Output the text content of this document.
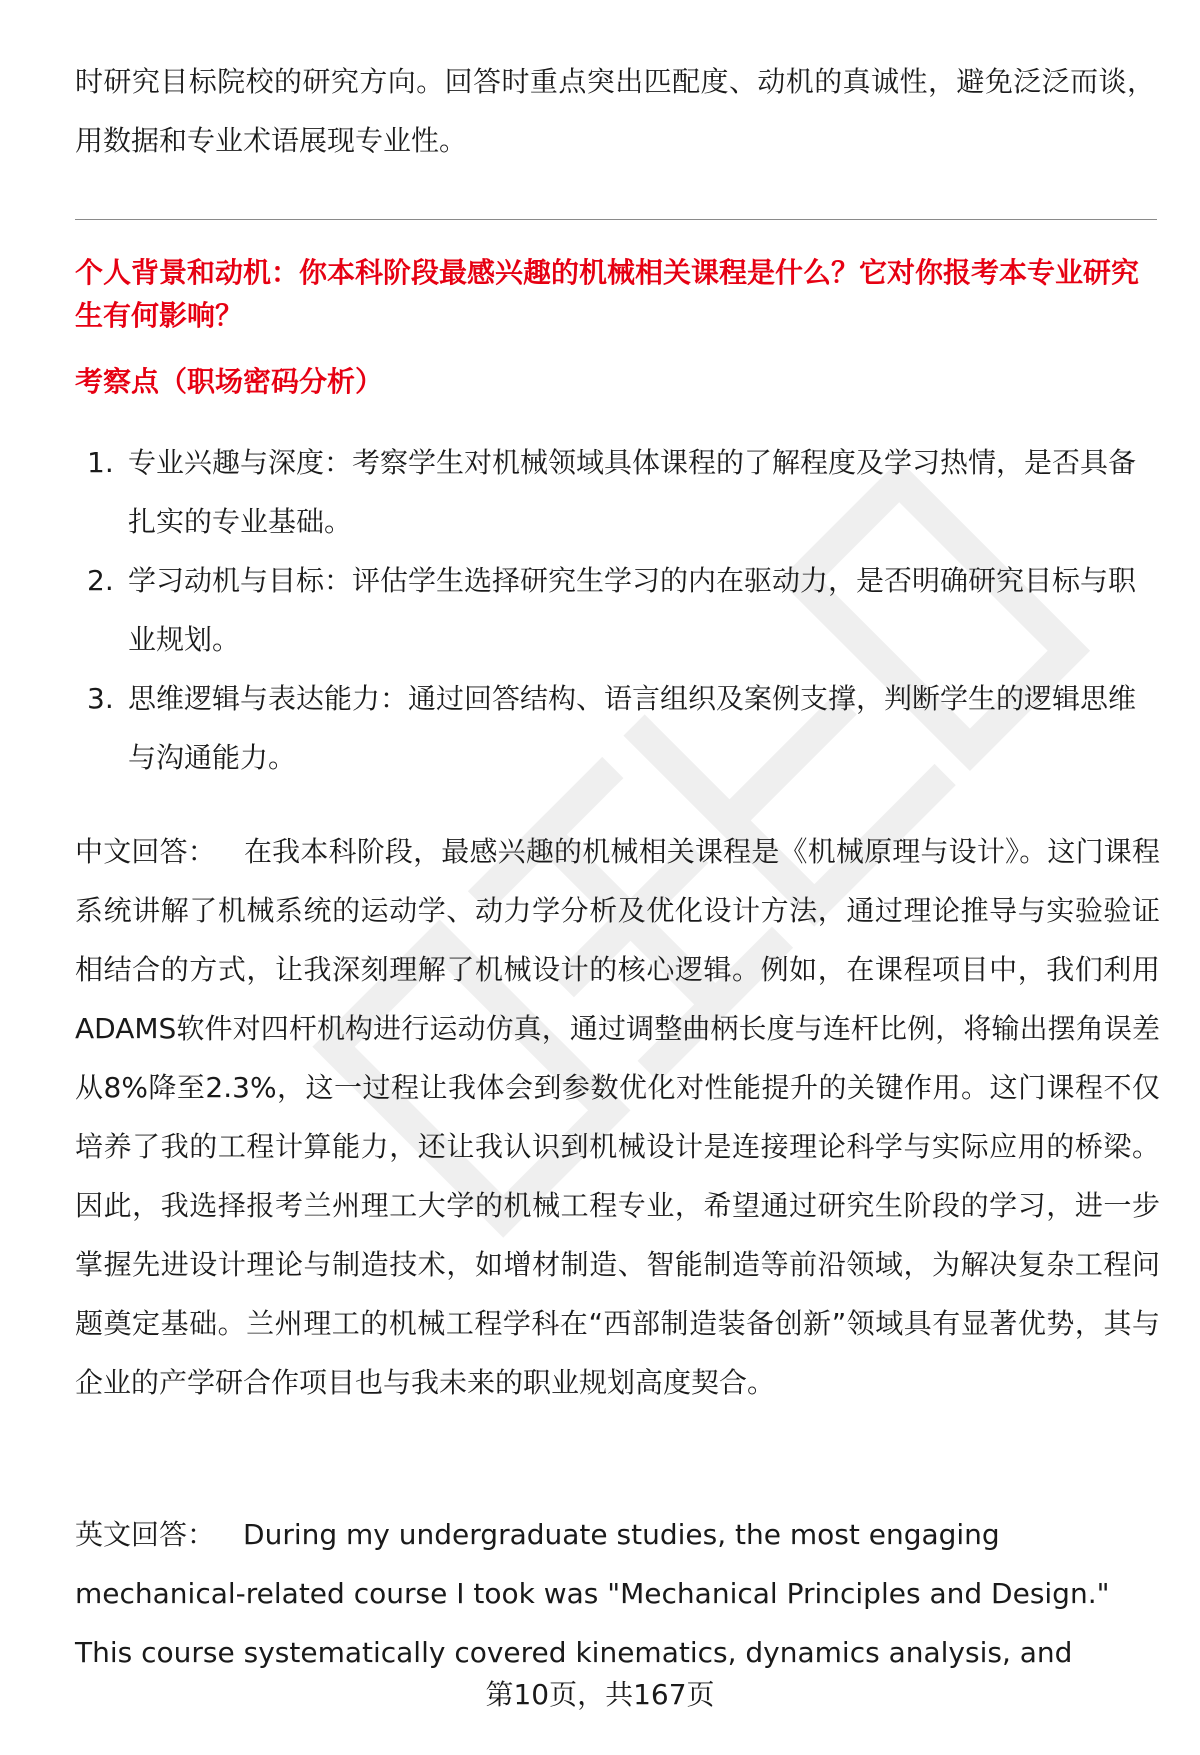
时研究目标院校的研究方向。回答时重点突出匹配度、动机的真诚性，避免泛泛而谈，用数据和专业术语展现专业性。

个人背景和动机：你本科阶段最感兴趣的机械相关课程是什么？它对你报考本专业研究生有何影响？
考察点（职场密码分析）
1. 专业兴趣与深度：考察学生对机械领域具体课程的了解程度及学习热情，是否具备扎实的专业基础。
2. 学习动机与目标：评估学生选择研究生学习的内在驱动力，是否明确研究目标与职业规划。
3. 思维逻辑与表达能力：通过回答结构、语言组织及案例支撑，判断学生的逻辑思维与沟通能力。

中文回答： 在我本科阶段，最感兴趣的机械相关课程是《机械原理与设计》。这门课程系统讲解了机械系统的运动学、动力学分析及优化设计方法，通过理论推导与实验验证相结合的方式，让我深刻理解了机械设计的核心逻辑。例如，在课程项目中，我们利用ADAMS软件对四杆机构进行运动仿真，通过调整曲柄长度与连杆比例，将输出摆角误差从8%降至2.3%，这一过程让我体会到参数优化对性能提升的关键作用。这门课程不仅培养了我的工程计算能力，还让我认识到机械设计是连接理论科学与实际应用的桥梁。因此，我选择报考兰州理工大学的机械工程专业，希望通过研究生阶段的学习，进一步掌握先进设计理论与制造技术，如增材制造、智能制造等前沿领域，为解决复杂工程问题奠定基础。兰州理工的机械工程学科在“西部制造装备创新”领域具有显著优势，其与企业的产学研合作项目也与我未来的职业规划高度契合。

英文回答： During my undergraduate studies, the most engaging mechanical-related course I took was "Mechanical Principles and Design." This course systematically covered kinematics, dynamics analysis, and

第10页，共167页
